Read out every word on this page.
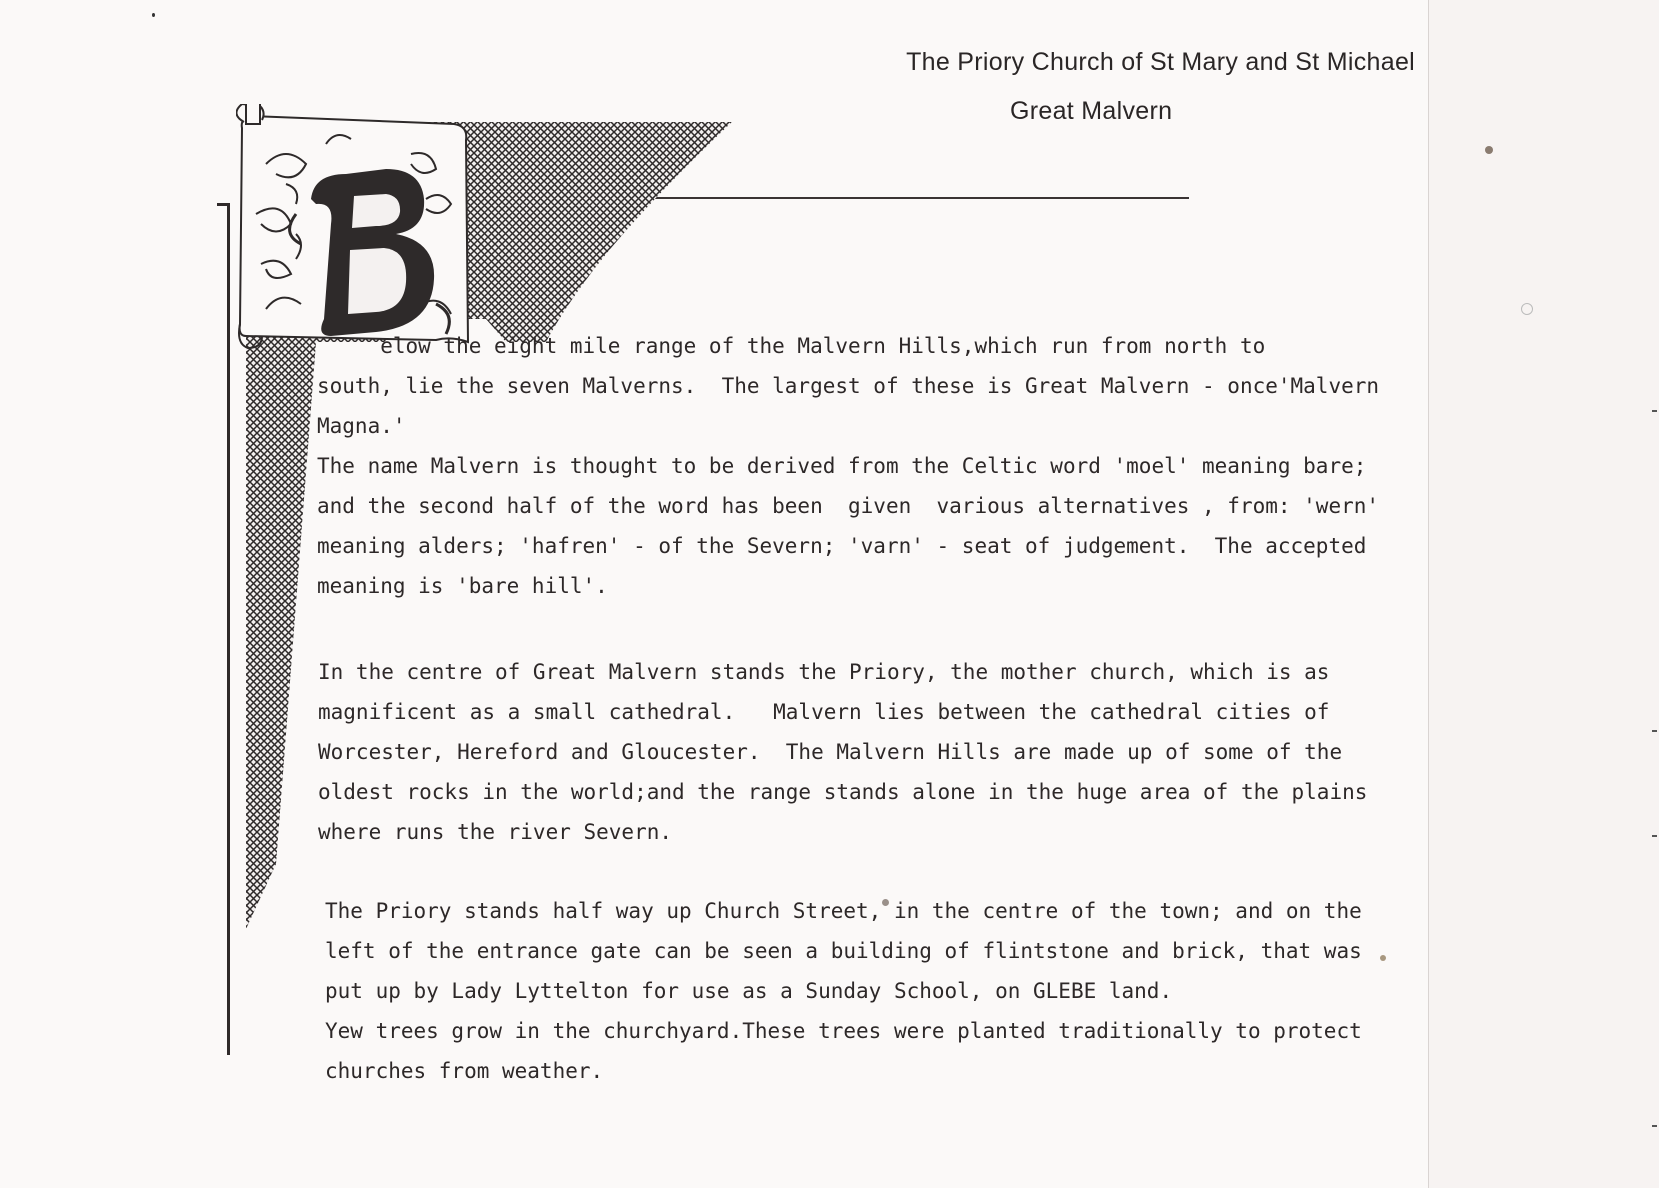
The Priory Church of St Mary and St Michael
Great Malvern
elow the eight mile range of the Malvern Hills,which run from north to
south, lie the seven Malverns.  The largest of these is Great Malvern - once'Malvern
Magna.'
The name Malvern is thought to be derived from the Celtic word 'moel' meaning bare;
and the second half of the word has been  given  various alternatives , from: 'wern'
meaning alders; 'hafren' - of the Severn; 'varn' - seat of judgement.  The accepted
meaning is 'bare hill'.
In the centre of Great Malvern stands the Priory, the mother church, which is as
magnificent as a small cathedral.   Malvern lies between the cathedral cities of
Worcester, Hereford and Gloucester.  The Malvern Hills are made up of some of the
oldest rocks in the world;and the range stands alone in the huge area of the plains
where runs the river Severn.
The Priory stands half way up Church Street, in the centre of the town; and on the
left of the entrance gate can be seen a building of flintstone and brick, that was
put up by Lady Lyttelton for use as a Sunday School, on GLEBE land.
Yew trees grow in the churchyard.These trees were planted traditionally to protect
churches from weather.
